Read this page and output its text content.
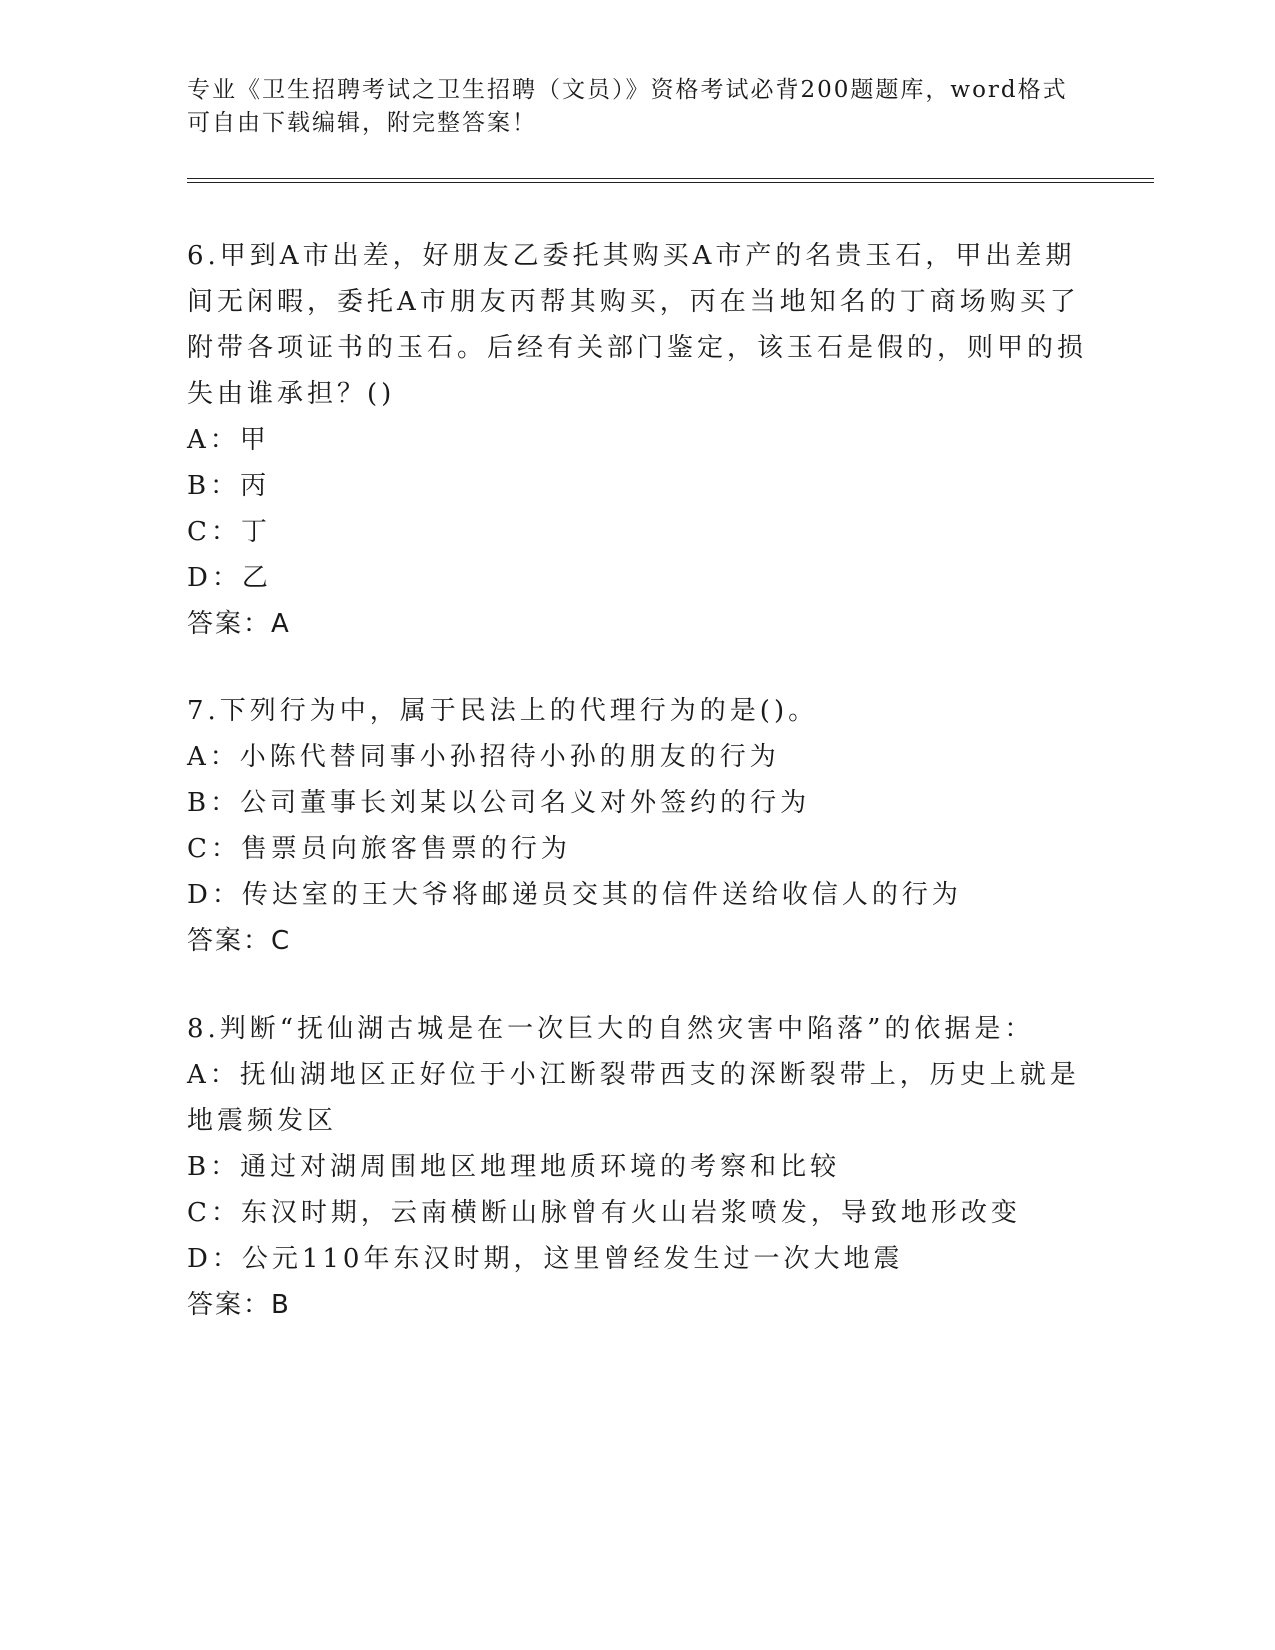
专业《卫生招聘考试之卫生招聘（文员）》资格考试必背200题题库，word格式可自由下载编辑，附完整答案！

6.甲到A市出差，好朋友乙委托其购买A市产的名贵玉石，甲出差期间无闲暇，委托A市朋友丙帮其购买，丙在当地知名的丁商场购买了附带各项证书的玉石。后经有关部门鉴定，该玉石是假的，则甲的损失由谁承担？()

A：甲

B：丙

C：丁

D：乙

答案：A

7.下列行为中，属于民法上的代理行为的是()。

A：小陈代替同事小孙招待小孙的朋友的行为

B：公司董事长刘某以公司名义对外签约的行为

C：售票员向旅客售票的行为

D：传达室的王大爷将邮递员交其的信件送给收信人的行为

答案：C

8.判断“抚仙湖古城是在一次巨大的自然灾害中陷落”的依据是：

A：抚仙湖地区正好位于小江断裂带西支的深断裂带上，历史上就是地震频发区

B：通过对湖周围地区地理地质环境的考察和比较

C：东汉时期，云南横断山脉曾有火山岩浆喷发，导致地形改变

D：公元110年东汉时期，这里曾经发生过一次大地震

答案：B
